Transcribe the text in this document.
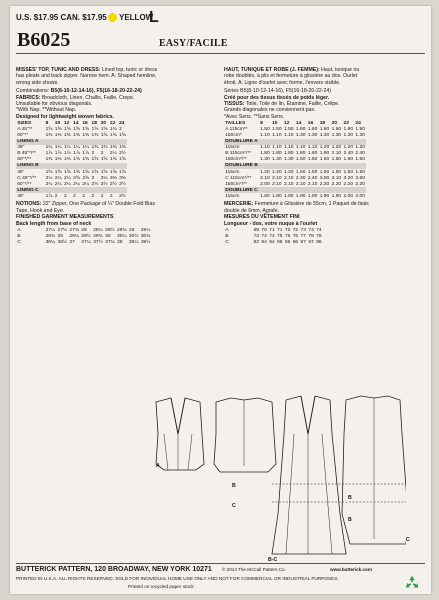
U.S. $17.95 CAN. $17.95 YELLOW
L
B6025	EASY/FACILE
MISSES' TOP, TUNIC AND DRESS: Lined top, tunic or dress
has pleats and back zipper. Narrow hem. A: Shaped hemline,
wrong side shows.
Combinations: B5(8-10-12-14-16), F5(16-18-20-22-24)
FABRICS: Broadcloth, Linen, Challis, Faille, Crepe.
Unsuitable for obvious diagonals.
*With Nap. **Without Nap.
Designed for lightweight woven fabrics.
SIZES	8	10	12	14	16	18	20	22	24
A 45"**	1⅝	1⅝	1⅝	1⅝	1⅝	1⅝	1⅝	1¾	2
60"**	1⅜	1⅜	1⅜	1⅜	1⅜	1⅜	1⅝	1⅝	1⅝
LINING A									
45"	1¼	1¼	1¼	1¼	1¼	1⅜	1⅜	1⅜	1⅜
B 45"*/**	1⅞	1⅞	1⅞	1⅞	1⅞	2	2	2¼	2½
60"*/**	1⅜	1⅜	1⅜	1⅝	1⅝	1⅝	1⅝	1⅝	1⅝
LINING B									
45"	1⅝	1⅝	1⅝	1⅝	1⅝	1⅝	1⅝	1⅝	1⅝
C 45"*/**	2¼	2¼	2¼	2⅝	2⅝	3	3¼	3⅜	3⅜
60"*/**	2¼	2¼	2¼	2¼	2¼	2½	2½	2½	2½
LINING C									
45"	1⅞	2	2	2	2	2	2	2	2½
NOTIONS: 22" Zipper, One Package of ¼" Double Fold Bias
Tape, Hook and Eye.
FINISHED GARMENT MEASUREMENTS
Back length from base of neck
A	27¼	27½	27¾	28	28¼	28½	28¾	29	29¼
B	28¾	29	29¼	29½	29¾	30	30¼	30½	30¾
C	36¼	36½	37	37¼	37½	37¾	38	38¼	38½
HAUT, TUNIQUE ET ROBE (J. FEMME): Haut, tunique ou
robe doublés, à plis et fermeture à glissière au dos. Ourlet
étroit. A: Ligne d'ourlet avec forme, l'envers visible.
Séries B5(8-10-12-14-16), F5(16-18-20-22-24)
Créé pour des tissus tissés de poids léger.
TISSUS: Toile, Toile de lin, Étamine, Faille, Crêpe.
Grands diagonales ne conviennent pas.
*Avec Sens. **Sans Sens.
TAILLES	8	10	12	14	16	18	20	22	24
A 115cm**	1.50	1.50	1.50	1.60	1.60	1.60	1.60	1.80	1.90
150cm*	1.10	1.10	1.10	1.30	1.30	1.30	1.30	1.30	1.30
DOUBLURE A									
115cm	1.10	1.10	1.10	1.10	1.10	1.20	1.20	1.20	1.20
B 115cm*/**	1.80	1.80	1.80	1.80	1.80	1.90	2.10	2.40	2.40
150cm*/**	1.30	1.30	1.30	1.50	1.50	1.50	1.50	1.50	1.50
DOUBLURE B									
115cm	1.20	1.20	1.20	1.50	1.50	1.50	1.50	1.50	1.50
C 115cm*/**	2.10	2.10	2.10	2.30	2.40	3.00	3.10	3.20	3.60
150cm*/**	2.00	2.10	2.10	2.10	2.10	2.20	2.20	2.20	2.20
DOUBLURE C									
115cm	1.60	1.80	1.80	1.90	1.90	1.90	1.90	2.00	2.00
MERCERIE: Fermeture à Glissière de 55cm, 1 Paquet de biais
double de 6mm, Agrafe.
MESURES DU VÊTEMENT FINI
Longueur - dos, votre nuque à l'ourlet
A	69	70	71	71	72	72	73	74	74
B	73	74	74	75	76	76	77	78	78
C	93	94	94	95	95	96	97	97	98
A
B
C
B
B
C
B-C
BUTTERICK PATTERN, 120 BROADWAY, NEW YORK 10271 © 2014 The McCall Pattern Co.	www.butterick.com
PRINTED IN U.S.A. ALL RIGHTS RESERVED. SOLD FOR INDIVIDUAL HOME USE ONLY AND NOT FOR COMMERCIAL OR INDUSTRIAL PURPOSES.
Printed on recycled paper stock
